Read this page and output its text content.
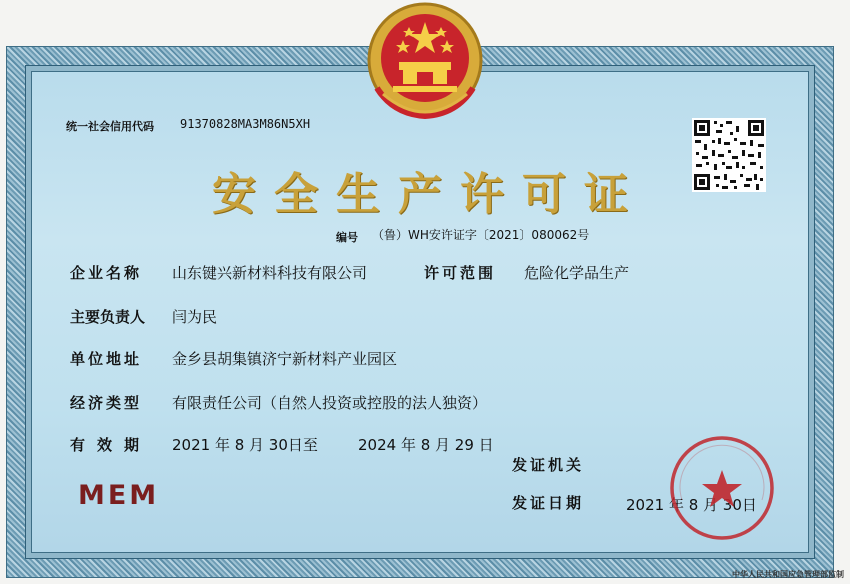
统一社会信用代码 91370828MA3M86N5XH
安全生产许可证
编号 （鲁）WH安许证字〔2021〕080062号
企业名称 山东键兴新材料科技有限公司	许可范围 危险化学品生产
主要负责人 闫为民
单位地址 金乡县胡集镇济宁新材料产业园区
经济类型 有限责任公司（自然人投资或控股的法人独资）
有效期 2021 年 8 月 30日至	2024 年 8 月 29 日
发证机关
发证日期	2021 年 8 月 30日
MEM
中华人民共和国应急管理部监制
